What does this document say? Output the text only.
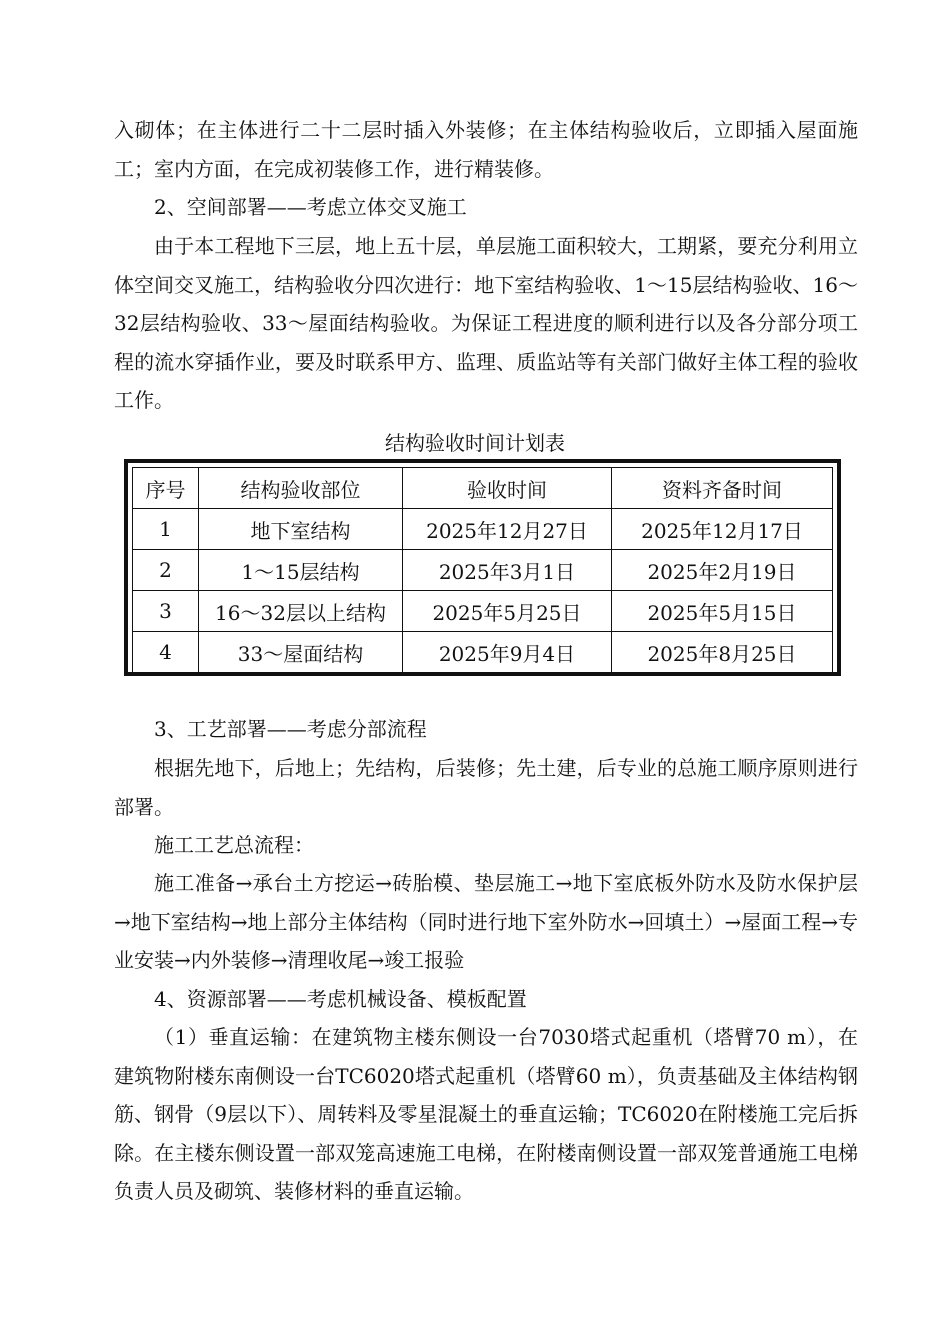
入砌体；在主体进行二十二层时插入外装修；在主体结构验收后，立即插入屋面施工；室内方面，在完成初装修工作，进行精装修。

2、空间部署——考虑立体交叉施工

由于本工程地下三层，地上五十层，单层施工面积较大，工期紧，要充分利用立体空间交叉施工，结构验收分四次进行：地下室结构验收、1～15层结构验收、16～32层结构验收、33～屋面结构验收。为保证工程进度的顺利进行以及各分部分项工程的流水穿插作业，要及时联系甲方、监理、质监站等有关部门做好主体工程的验收工作。

结构验收时间计划表
序号	结构验收部位	验收时间	资料齐备时间
1	地下室结构	2025年12月27日	2025年12月17日
2	1～15层结构	2025年3月1日	2025年2月19日
3	16～32层以上结构	2025年5月25日	2025年5月15日
4	33～屋面结构	2025年9月4日	2025年8月25日

3、工艺部署——考虑分部流程

根据先地下，后地上；先结构，后装修；先土建，后专业的总施工顺序原则进行部署。

施工工艺总流程：

施工准备→承台土方挖运→砖胎模、垫层施工→地下室底板外防水及防水保护层→地下室结构→地上部分主体结构（同时进行地下室外防水→回填土）→屋面工程→专业安装→内外装修→清理收尾→竣工报验

4、资源部署——考虑机械设备、模板配置

（1）垂直运输：在建筑物主楼东侧设一台7030塔式起重机（塔臂70 m），在建筑物附楼东南侧设一台TC6020塔式起重机（塔臂60 m），负责基础及主体结构钢筋、钢骨（9层以下）、周转料及零星混凝土的垂直运输；TC6020在附楼施工完后拆除。在主楼东侧设置一部双笼高速施工电梯，在附楼南侧设置一部双笼普通施工电梯负责人员及砌筑、装修材料的垂直运输。
